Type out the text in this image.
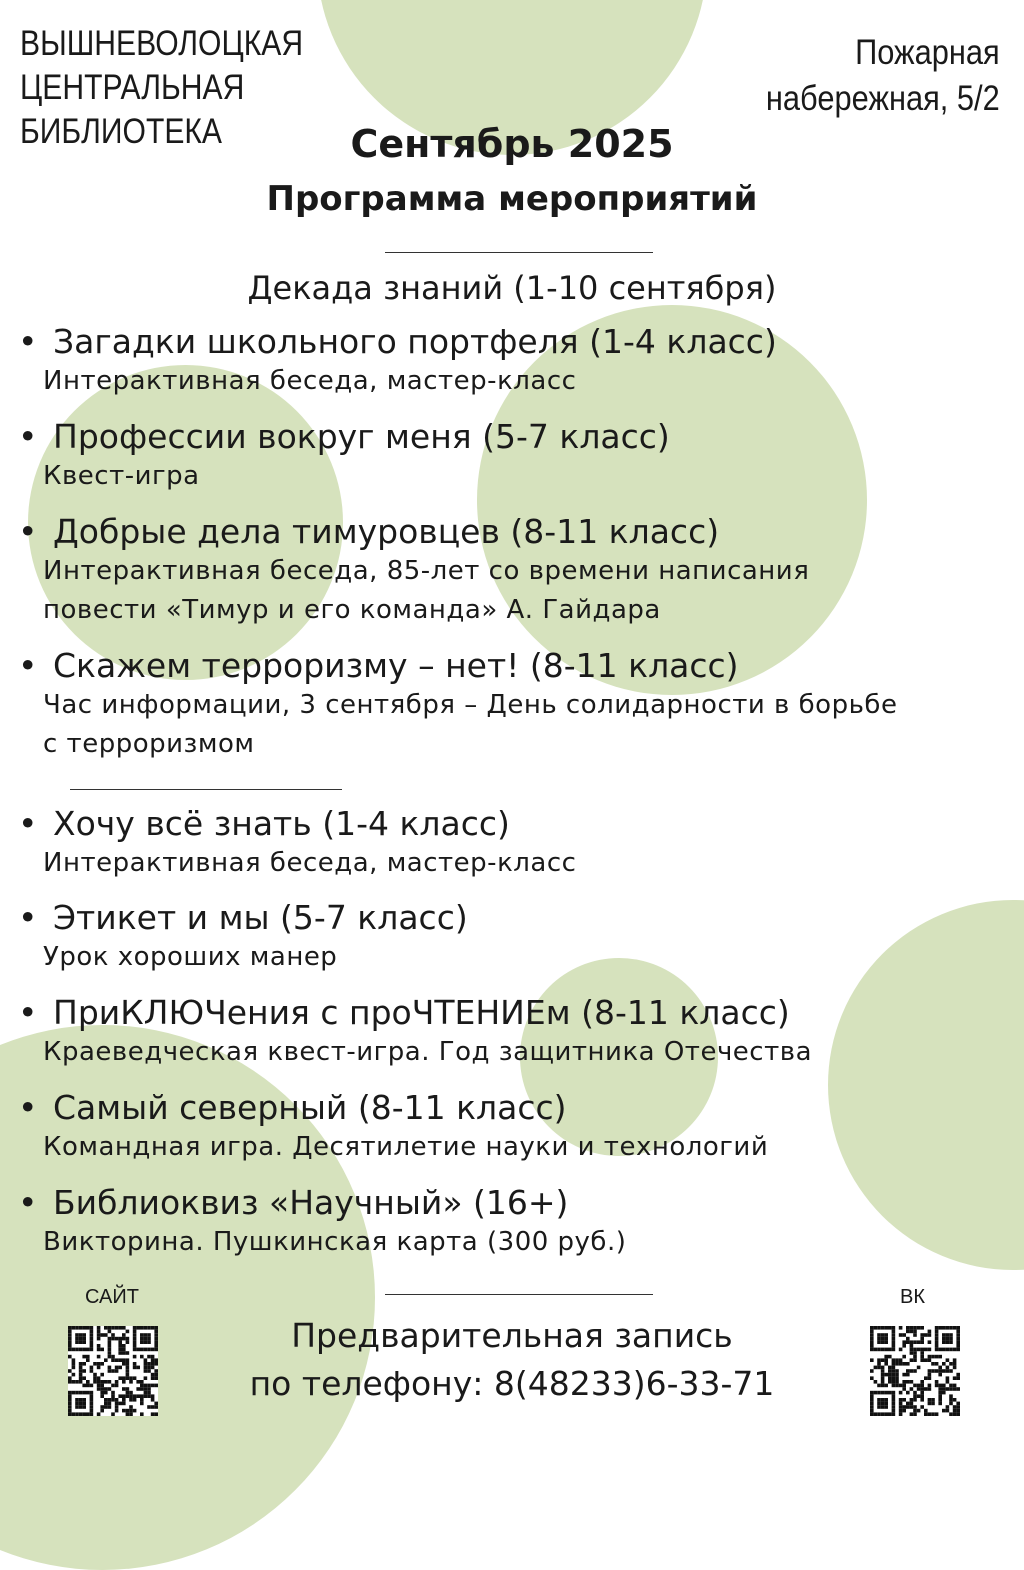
ВЫШНЕВОЛОЦКАЯ
ЦЕНТРАЛЬНАЯ
БИБЛИОТЕКА
Пожарная
набережная, 5/2
Сентябрь 2025
Программа мероприятий
Декада знаний (1-10 сентября)
• Загадки школьного портфеля (1-4 класс)
Интерактивная беседа, мастер-класс
• Профессии вокруг меня (5-7 класс)
Квест-игра
• Добрые дела тимуровцев (8-11 класс)
Интерактивная беседа, 85-лет со времени написания
повести «Тимур и его команда» А. Гайдара
• Скажем терроризму – нет! (8-11 класс)
Час информации, 3 сентября – День солидарности в борьбе
с терроризмом
• Хочу всё знать (1-4 класс)
Интерактивная беседа, мастер-класс
• Этикет и мы (5-7 класс)
Урок хороших манер
• ПриКЛЮЧения с проЧТЕНИЕм (8-11 класс)
Краеведческая квест-игра. Год защитника Отечества
• Самый северный (8-11 класс)
Командная игра. Десятилетие науки и технологий
• Библиоквиз «Научный» (16+)
Викторина. Пушкинская карта (300 руб.)
САЙТ	ВК
Предварительная запись
по телефону: 8(48233)6-33-71
